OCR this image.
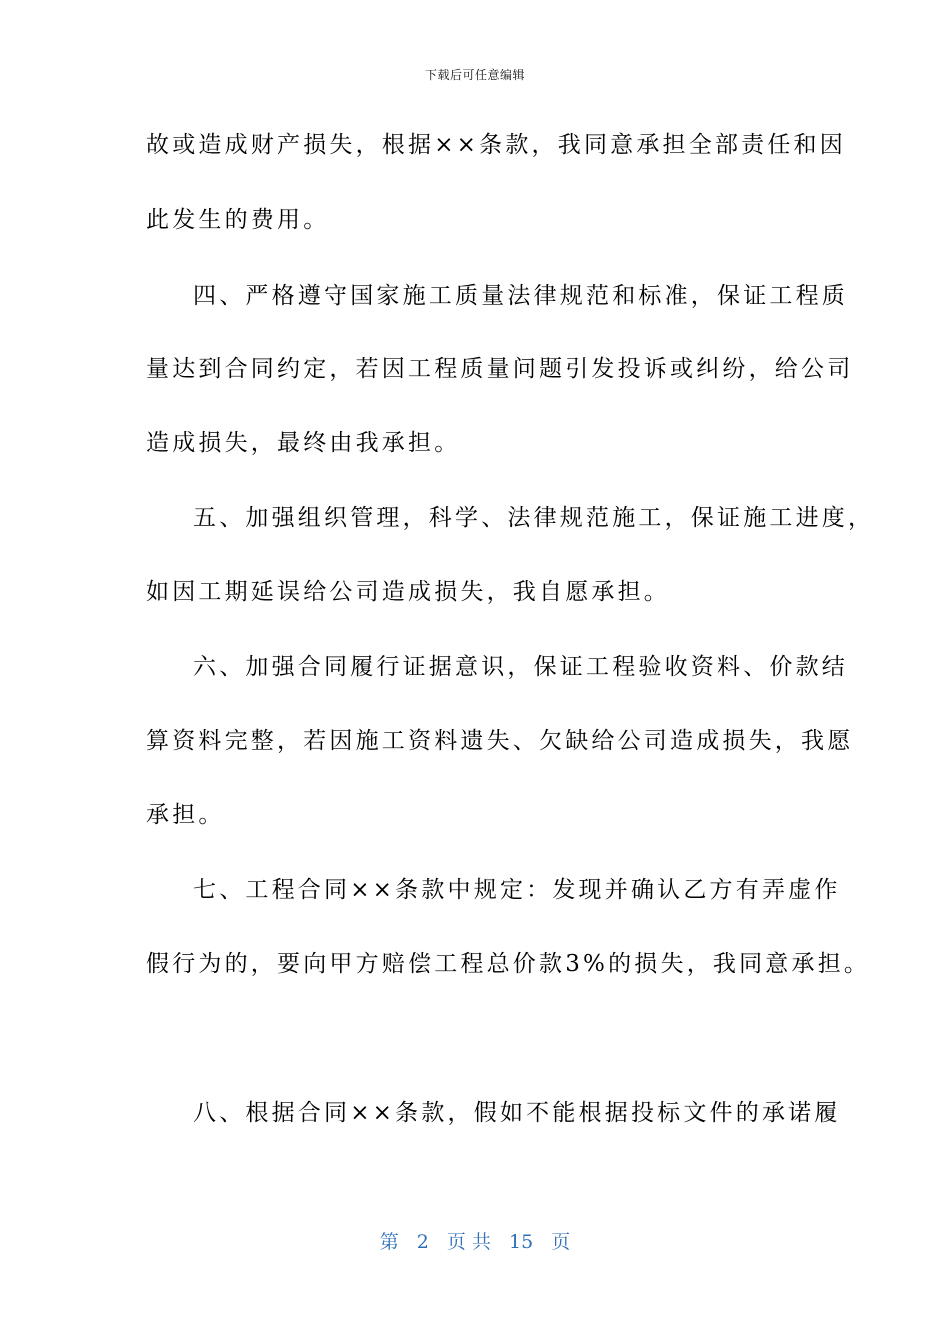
下载后可任意编辑
故或造成财产损失，根据××条款，我同意承担全部责任和因
此发生的费用。
四、严格遵守国家施工质量法律规范和标准，保证工程质
量达到合同约定，若因工程质量问题引发投诉或纠纷，给公司
造成损失，最终由我承担。
五、加强组织管理，科学、法律规范施工，保证施工进度，
如因工期延误给公司造成损失，我自愿承担。
六、加强合同履行证据意识，保证工程验收资料、价款结
算资料完整，若因施工资料遗失、欠缺给公司造成损失，我愿
承担。
七、工程合同××条款中规定：发现并确认乙方有弄虚作
假行为的，要向甲方赔偿工程总价款3%的损失，我同意承担。
八、根据合同××条款，假如不能根据投标文件的承诺履
第 2 页 共 15 页
